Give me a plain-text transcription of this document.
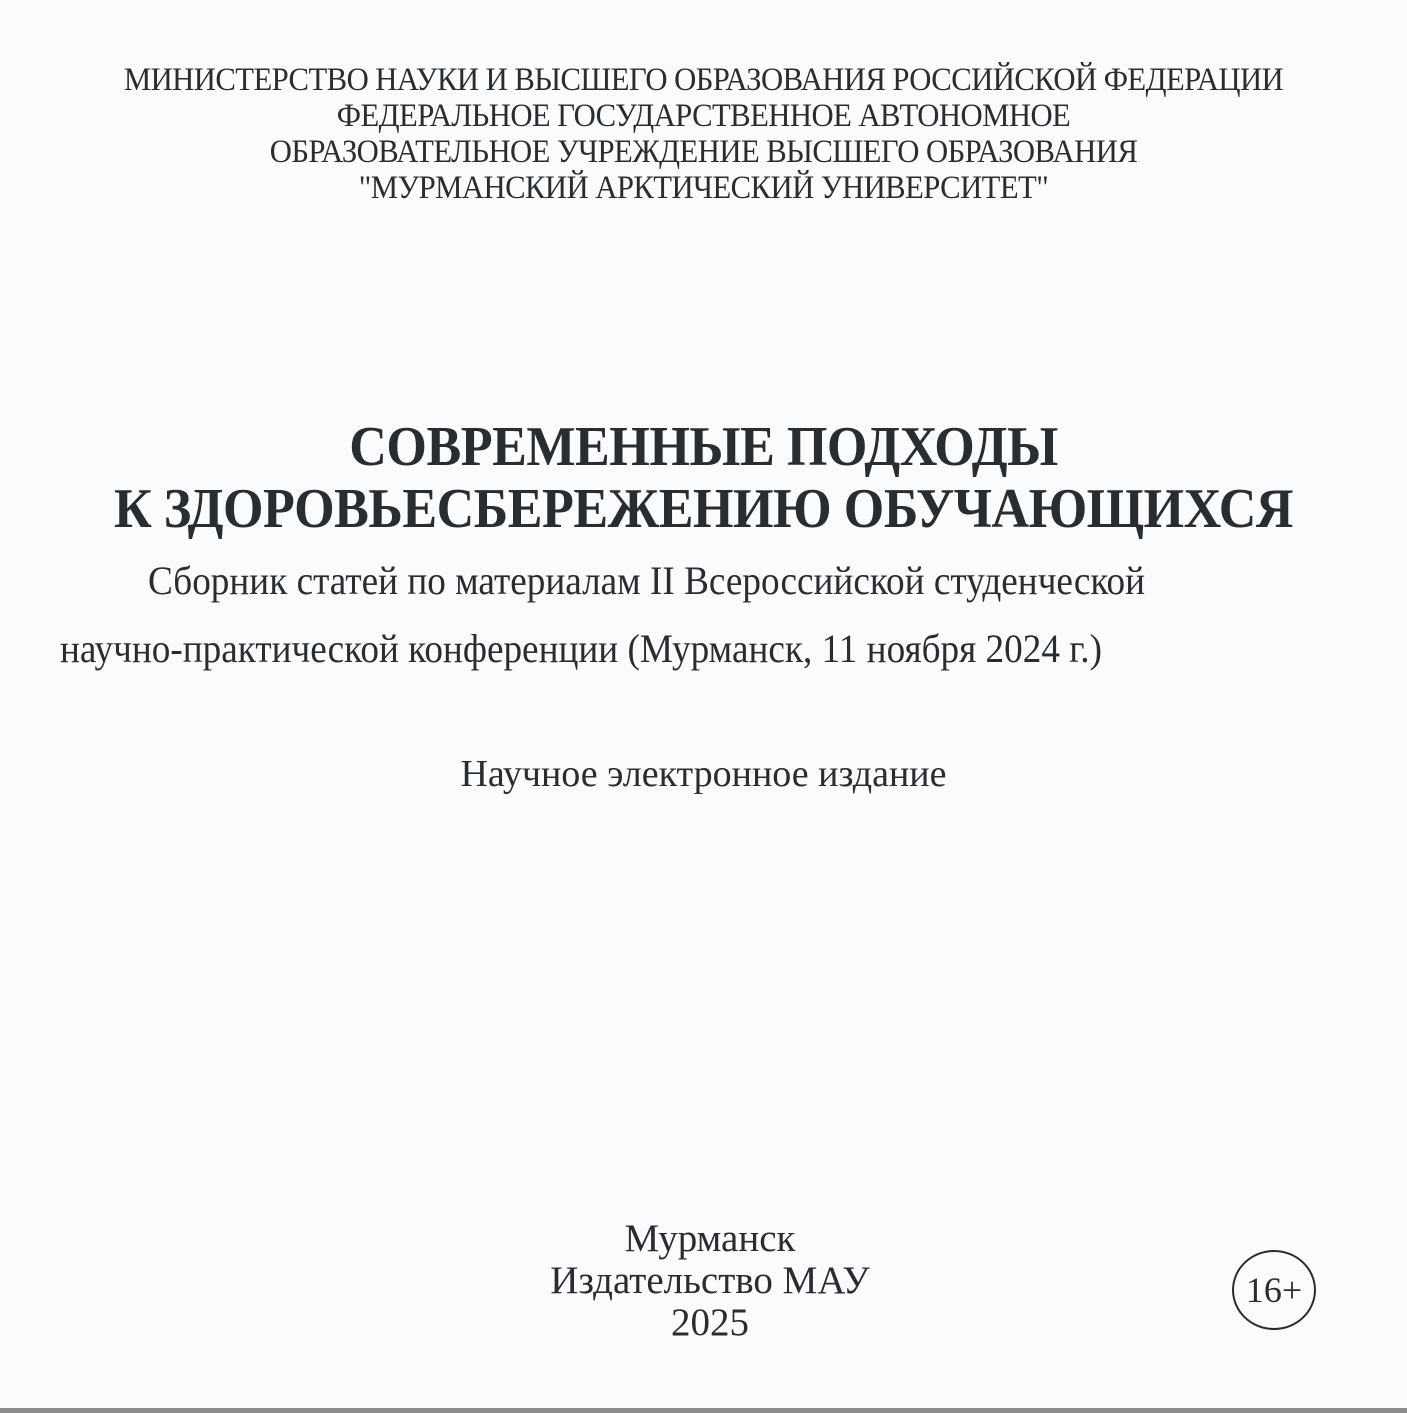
МИНИСТЕРСТВО НАУКИ И ВЫСШЕГО ОБРАЗОВАНИЯ РОССИЙСКОЙ ФЕДЕРАЦИИ
ФЕДЕРАЛЬНОЕ ГОСУДАРСТВЕННОЕ АВТОНОМНОЕ
ОБРАЗОВАТЕЛЬНОЕ УЧРЕЖДЕНИЕ ВЫСШЕГО ОБРАЗОВАНИЯ
"МУРМАНСКИЙ АРКТИЧЕСКИЙ УНИВЕРСИТЕТ"
СОВРЕМЕННЫЕ ПОДХОДЫ
К ЗДОРОВЬЕСБЕРЕЖЕНИЮ ОБУЧАЮЩИХСЯ
Сборник статей по материалам II Всероссийской студенческой
научно-практической конференции (Мурманск, 11 ноября 2024 г.)
Научное электронное издание
Мурманск
Издательство МАУ
2025
16+
